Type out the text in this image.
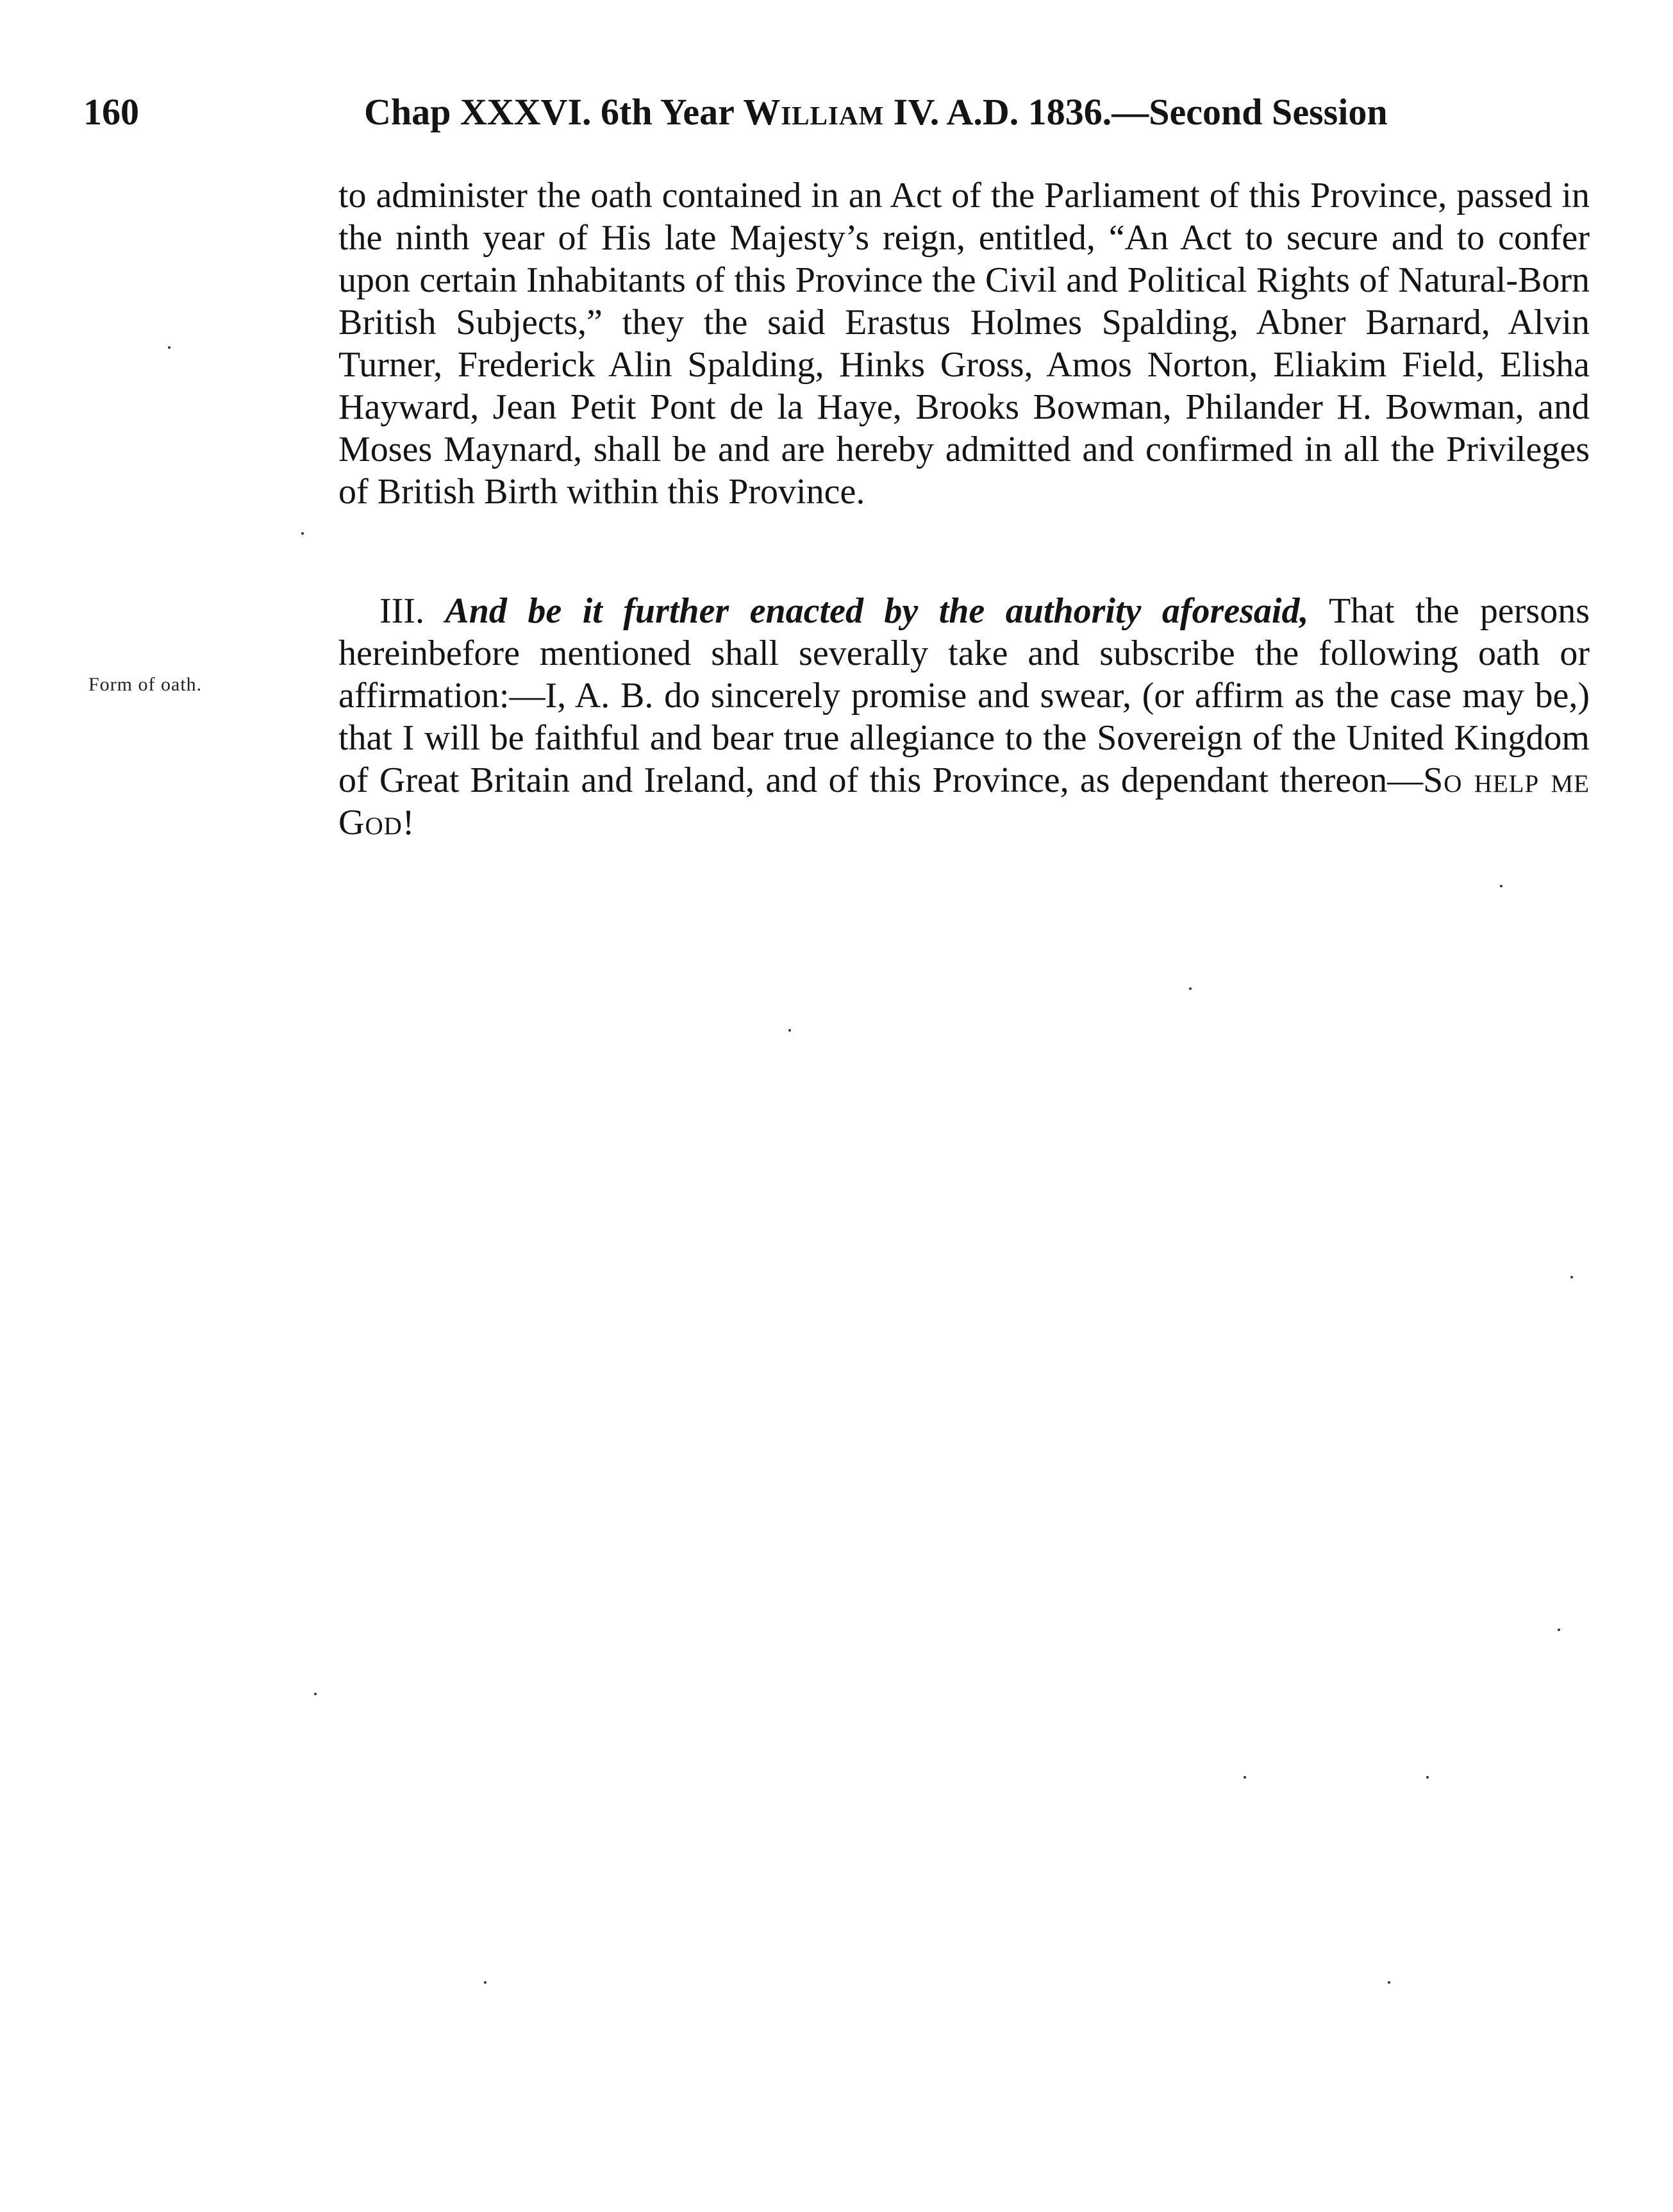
160	Chap XXXVI. 6th Year William IV. A.D. 1836.—Second Session
to administer the oath contained in an Act of the Parliament of this Province, passed in the ninth year of His late Majesty’s reign, entitled, “An Act to secure and to confer upon certain Inhabitants of this Province the Civil and Political Rights of Natural-Born British Subjects,” they the said Erastus Holmes Spalding, Abner Barnard, Alvin Turner, Frederick Alin Spalding, Hinks Gross, Amos Norton, Eliakim Field, Elisha Hayward, Jean Petit Pont de la Haye, Brooks Bowman, Philander H. Bowman, and Moses Maynard, shall be and are hereby admitted and confirmed in all the Privileges of British Birth within this Province.
Form of oath.
III. And be it further enacted by the authority aforesaid, That the persons hereinbefore mentioned shall severally take and subscribe the following oath or affirmation:—I, A. B. do sincerely promise and swear, (or affirm as the case may be,) that I will be faithful and bear true allegiance to the Sovereign of the United Kingdom of Great Britain and Ireland, and of this Province, as dependant thereon—So help me God!
